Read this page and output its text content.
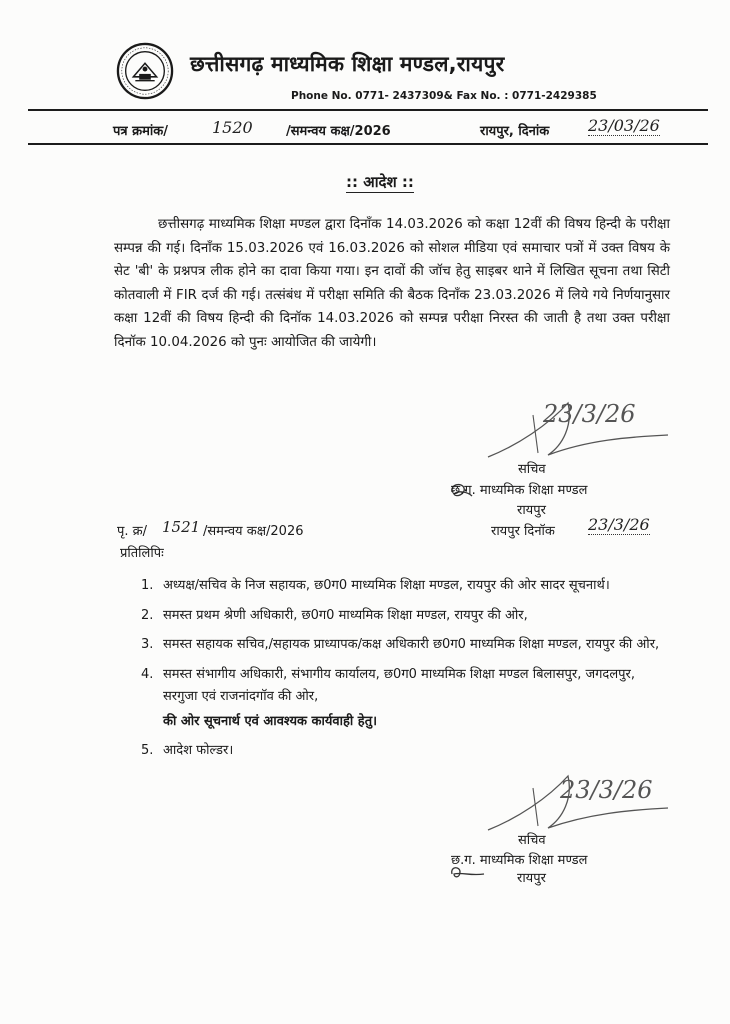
छत्तीसगढ़ माध्यमिक शिक्षा मण्डल,रायपुर
Phone No. 0771- 2437309& Fax No. : 0771-2429385
पत्र क्रमांक/	1520	/समन्वय कक्ष/2026	रायपुर, दिनांक 23/03/26
:: आदेश ::
छत्तीसगढ़ माध्यमिक शिक्षा मण्डल द्वारा दिनाँक 14.03.2026 को कक्षा 12वीं की विषय हिन्दी के परीक्षा सम्पन्न की गई। दिनाँक 15.03.2026 एवं 16.03.2026 को सोशल मीडिया एवं समाचार पत्रों में उक्त विषय के सेट 'बी' के प्रश्नपत्र लीक होने का दावा किया गया। इन दावों की जॉच हेतु साइबर थाने में लिखित सूचना तथा सिटी कोतवाली में FIR दर्ज की गई। तत्संबंध में परीक्षा समिति की बैठक दिनाँक 23.03.2026 में लिये गये निर्णयानुसार कक्षा 12वीं की विषय हिन्दी की दिनॉक 14.03.2026 को सम्पन्न परीक्षा निरस्त की जाती है तथा उक्त परीक्षा दिनॉक 10.04.2026 को पुनः आयोजित की जायेगी।
23/3/26
सचिव
छ.ग. माध्यमिक शिक्षा मण्डल
रायपुर
पृ. क्र/ 1521 /समन्वय कक्ष/2026	रायपुर दिनॉक 23/3/26
प्रतिलिपिः
1. अध्यक्ष/सचिव के निज सहायक, छ0ग0 माध्यमिक शिक्षा मण्डल, रायपुर की ओर सादर सूचनार्थ।
2. समस्त प्रथम श्रेणी अधिकारी, छ0ग0 माध्यमिक शिक्षा मण्डल, रायपुर की ओर,
3. समस्त सहायक सचिव,/सहायक प्राध्यापक/कक्ष अधिकारी छ0ग0 माध्यमिक शिक्षा मण्डल, रायपुर की ओर,
4. समस्त संभागीय अधिकारी, संभागीय कार्यालय, छ0ग0 माध्यमिक शिक्षा मण्डल बिलासपुर, जगदलपुर, सरगुजा एवं राजनांदगॉव की ओर,
की ओर सूचनार्थ एवं आवश्यक कार्यवाही हेतु।
5. आदेश फोल्डर।
23/3/26
सचिव
छ.ग. माध्यमिक शिक्षा मण्डल
रायपुर
